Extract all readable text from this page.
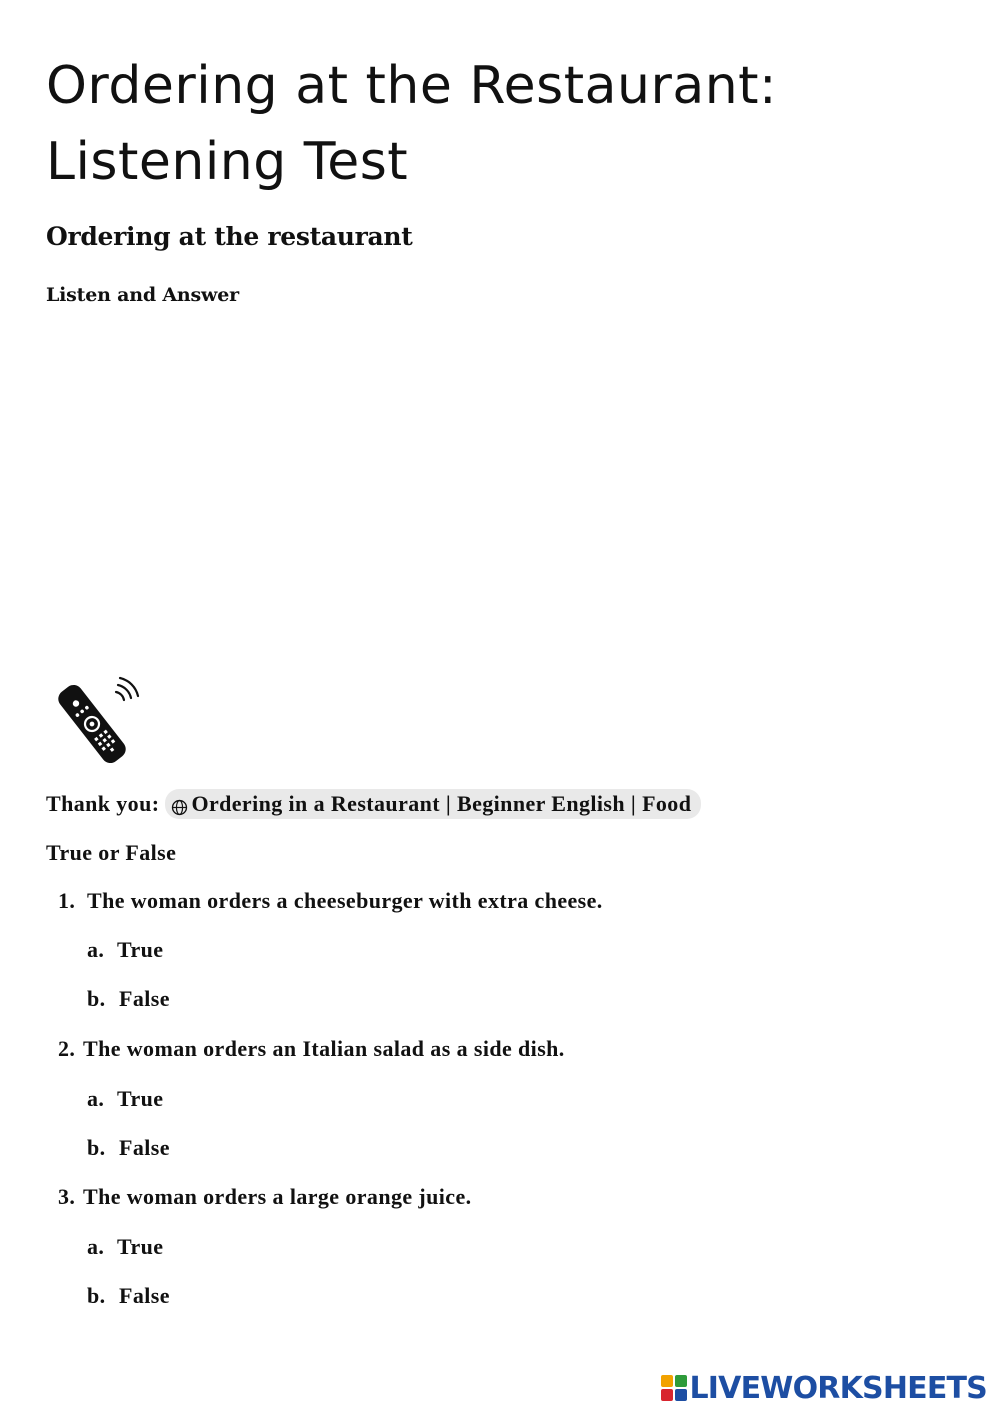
Ordering at the Restaurant: Listening Test
Ordering at the restaurant
Listen and Answer
Thank you: Ordering in a Restaurant | Beginner English | Food
True or False
1. The woman orders a cheeseburger with extra cheese.
a. True
b. False
2. The woman orders an Italian salad as a side dish.
a. True
b. False
3. The woman orders a large orange juice.
a. True
b. False
LIVEWORKSHEETS
